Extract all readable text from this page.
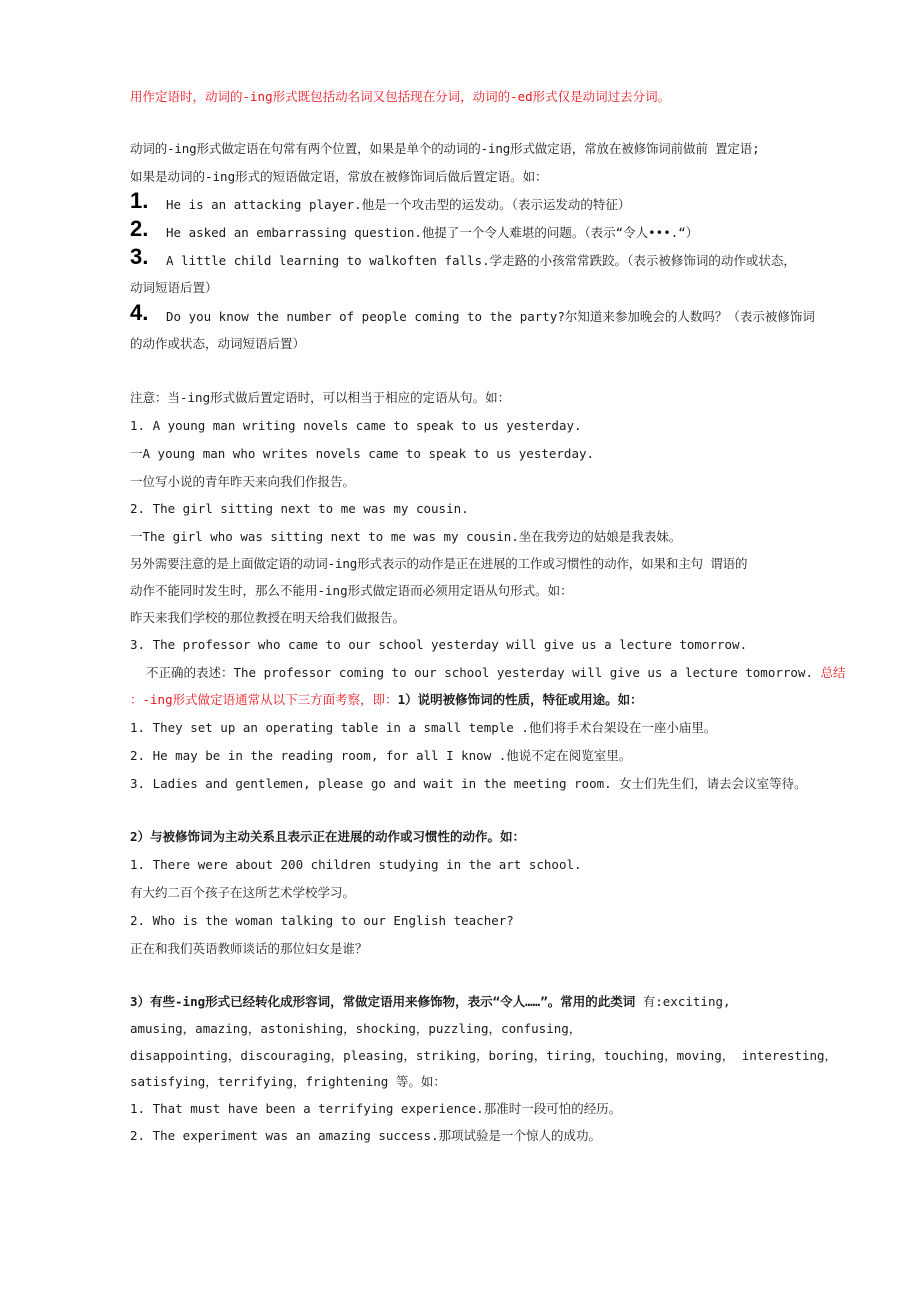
用作定语时，动词的-ing形式既包括动名词又包括现在分词，动词的-ed形式仅是动词过去分词。
动词的-ing形式做定语在句常有两个位置，如果是单个的动词的-ing形式做定语，常放在被修饰词前做前 置定语;
如果是动词的-ing形式的短语做定语，常放在被修饰词后做后置定语。如：
1. He is an attacking player.他是一个攻击型的运发动。（表示运发动的特征）
2. He asked an embarrassing question.他提了一个令人难堪的问题。（表示“令人•••.“）
3. A little child learning to walkoften falls.学走路的小孩常常跌跤。（表示被修饰词的动作或状态，
动词短语后置）
4. Do you know the number of people coming to the party?尔知道来参加晚会的人数吗？（表示被修饰词
的动作或状态，动词短语后置）
注意：当-ing形式做后置定语时，可以相当于相应的定语从句。如：
1. A young man writing novels came to speak to us yesterday.
一A young man who writes novels came to speak to us yesterday.
一位写小说的青年昨天来向我们作报告。
2. The girl sitting next to me was my cousin.
一The girl who was sitting next to me was my cousin.坐在我旁边的姑娘是我表妹。
另外需要注意的是上面做定语的动词-ing形式表示的动作是正在进展的工作或习惯性的动作，如果和主句 谓语的
动作不能同时发生时，那么不能用-ing形式做定语而必须用定语从句形式。如：
昨天来我们学校的那位教授在明天给我们做报告。
3. The professor who came to our school yesterday will give us a lecture tomorrow.
不正确的表述：The professor coming to our school yesterday will give us a lecture tomorrow. 总结
：-ing形式做定语通常从以下三方面考察，即：1）说明被修饰词的性质，特征或用途。如：
1. They set up an operating table in a small temple .他们将手术台架设在一座小庙里。
2. He may be in the reading room, for all I know .他说不定在阅览室里。
3. Ladies and gentlemen, please go and wait in the meeting room. 女士们先生们，请去会议室等待。
2）与被修饰词为主动关系且表示正在进展的动作或习惯性的动作。如：
1. There were about 200 children studying in the art school.
有大约二百个孩子在这所艺术学校学习。
2. Who is the woman talking to our English teacher?
正在和我们英语教师谈话的那位妇女是谁？
3）有些-ing形式已经转化成形容词，常做定语用来修饰物，表示“令人……”。常用的此类词 有:exciting,
amusing，amazing，astonishing，shocking，puzzling，confusing，
disappointing，discouraging，pleasing，striking，boring，tiring，touching，moving， interesting，
satisfying，terrifying，frightening 等。如：
1. That must have been a terrifying experience.那准时一段可怕的经历。
2. The experiment was an amazing success.那项试验是一个惊人的成功。
